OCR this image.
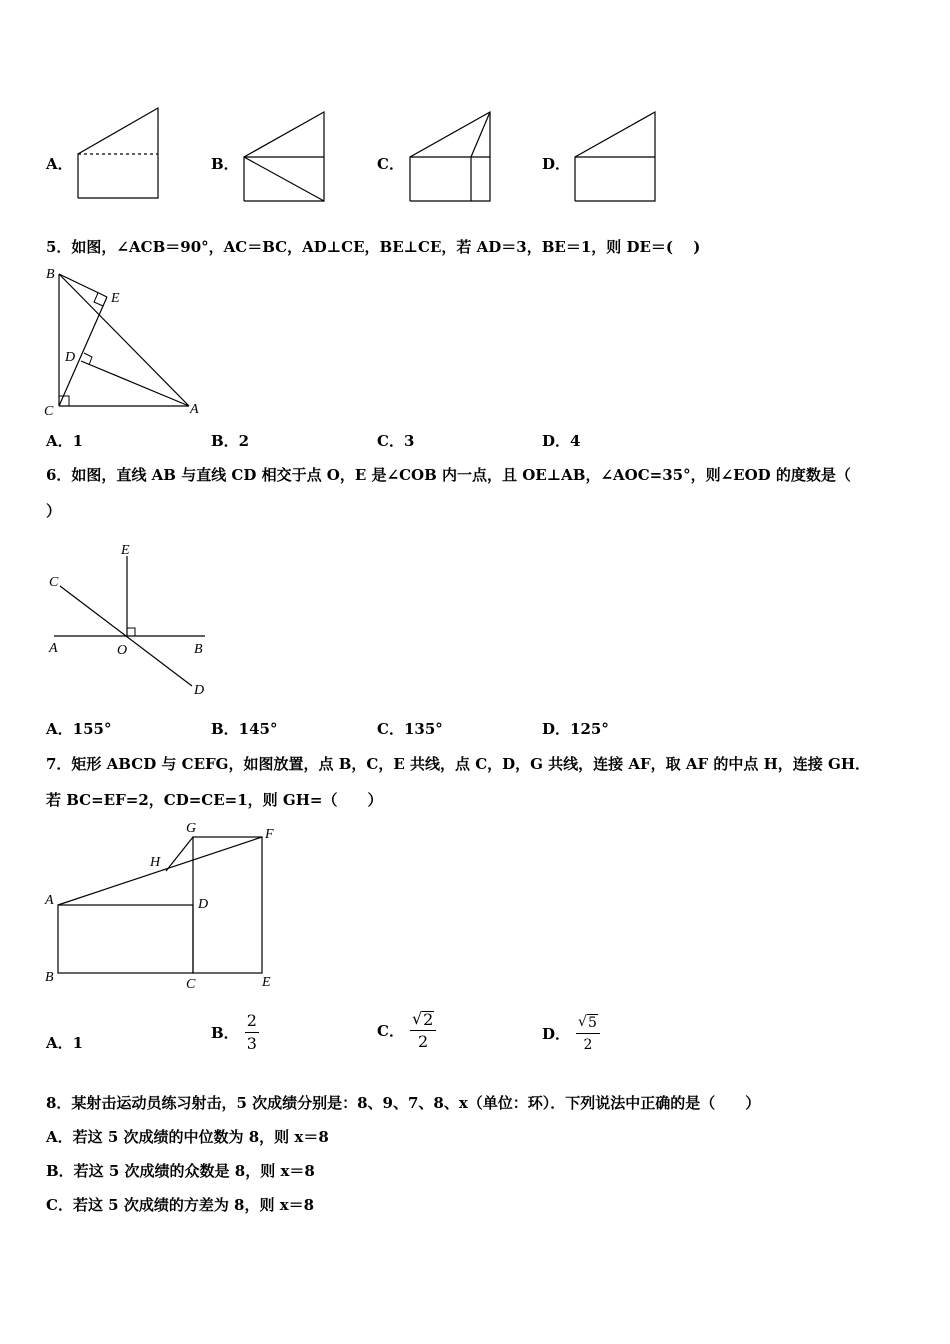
A．	B．	C．	D．
5．如图，∠ACB＝90°，AC＝BC，AD⊥CE，BE⊥CE，若 AD＝3，BE＝1，则 DE＝(　 )
B
E
D
C	A
A．1	B．2	C．3	D．4
6．如图，直线 AB 与直线 CD 相交于点 O，E 是∠COB 内一点，且 OE⊥AB，∠AOC=35°，则∠EOD 的度数是（
）
E
C
A	O	B
D
A．155°	B．145°	C．135°	D．125°
7．矩形 ABCD 与 CEFG，如图放置，点 B，C，E 共线，点 C，D，G 共线，连接 AF，取 AF 的中点 H，连接 GH．
若 BC=EF=2，CD=CE=1，则 GH=（　　）
G	F
H
A	D
B	C	E
A．1
B． $\frac{2}{3}$	C． $\frac{√ 2}{2}$	D． $\frac{√ 5}{2}$
8．某射击运动员练习射击，5 次成绩分别是：8、9、7、8、x（单位：环）．下列说法中正确的是（　　）
A．若这 5 次成绩的中位数为 8，则 x＝8
B．若这 5 次成绩的众数是 8，则 x＝8
C．若这 5 次成绩的方差为 8，则 x＝8
